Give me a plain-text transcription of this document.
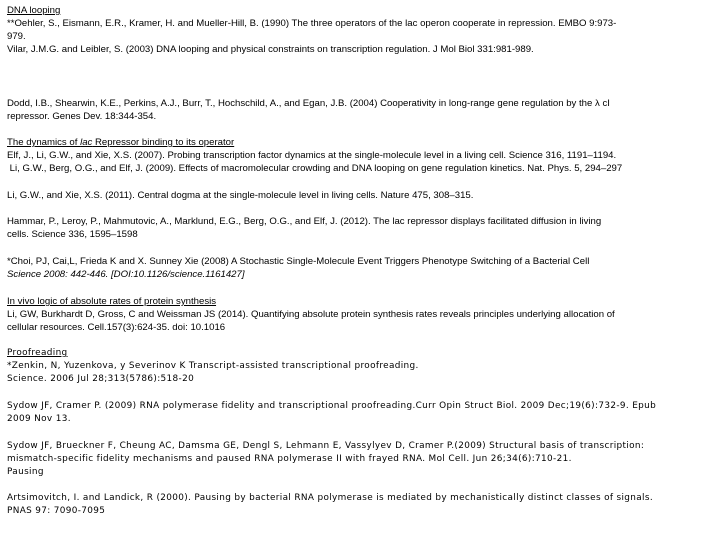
DNA looping
**Oehler, S., Eismann, E.R., Kramer, H. and Mueller-Hill, B. (1990) The three operators of the lac operon cooperate in repression. EMBO 9:973-
979.
Vilar, J.M.G. and Leibler, S. (2003) DNA looping and physical constraints on transcription regulation. J Mol Biol 331:981-989.
Dodd, I.B., Shearwin, K.E., Perkins, A.J., Burr, T., Hochschild, A., and Egan, J.B. (2004) Cooperativity in long-range gene regulation by the λ cI
repressor. Genes Dev. 18:344-354.
The dynamics of lac Repressor binding to its operator
Elf, J., Li, G.W., and Xie, X.S. (2007). Probing transcription factor dynamics at the single-molecule level in a living cell. Science 316, 1191–1194.
Li, G.W., Berg, O.G., and Elf, J. (2009). Effects of macromolecular crowding and DNA looping on gene regulation kinetics. Nat. Phys. 5, 294–297
Li, G.W., and Xie, X.S. (2011). Central dogma at the single-molecule level in living cells. Nature 475, 308–315.
Hammar, P., Leroy, P., Mahmutovic, A., Marklund, E.G., Berg, O.G., and Elf, J. (2012). The lac repressor displays facilitated diffusion in living
cells. Science 336, 1595–1598
*Choi, PJ, Cai,L, Frieda K and X. Sunney Xie (2008) A Stochastic Single-Molecule Event Triggers Phenotype Switching of a Bacterial Cell
Science 2008: 442-446. [DOI:10.1126/science.1161427]
In vivo logic of absolute rates of protein synthesis
Li, GW, Burkhardt D, Gross, C and Weissman JS (2014). Quantifying absolute protein synthesis rates reveals principles underlying allocation of
cellular resources. Cell.157(3):624-35. doi: 10.1016
Proofreading
*Zenkin, N, Yuzenkova, y Severinov K Transcript-assisted transcriptional proofreading.
Science. 2006 Jul 28;313(5786):518-20
Sydow JF, Cramer P. (2009) RNA polymerase fidelity and transcriptional proofreading.Curr Opin Struct Biol. 2009 Dec;19(6):732-9. Epub
2009 Nov 13.
Sydow JF, Brueckner F, Cheung AC, Damsma GE, Dengl S, Lehmann E, Vassylyev D, Cramer P.(2009) Structural basis of transcription:
mismatch-specific fidelity mechanisms and paused RNA polymerase II with frayed RNA. Mol Cell. Jun 26;34(6):710-21.
Pausing
Artsimovitch, I. and Landick, R (2000). Pausing by bacterial RNA polymerase is mediated by mechanistically distinct classes of signals.
PNAS 97: 7090-7095
